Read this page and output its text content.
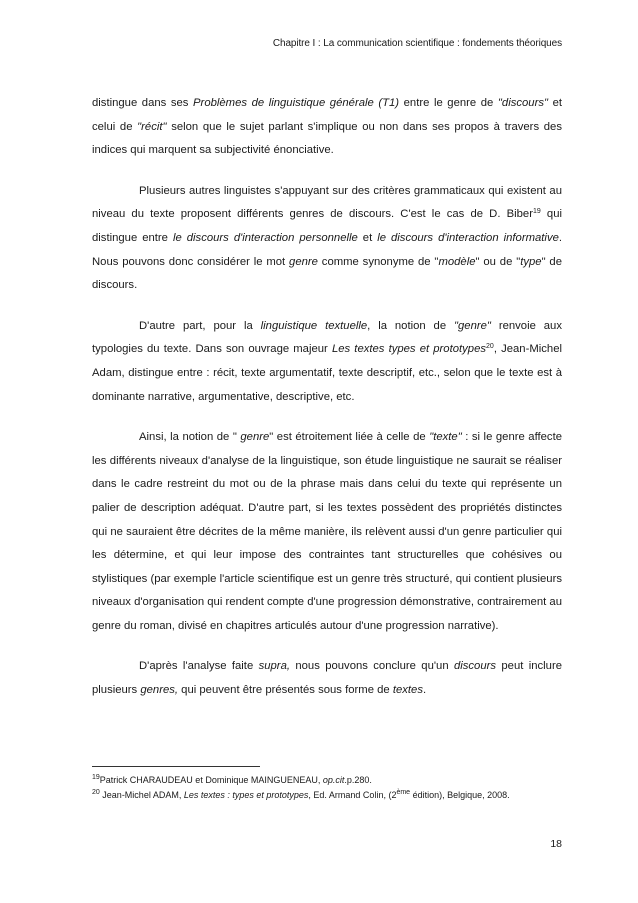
Chapitre I : La communication scientifique : fondements théoriques

distingue dans ses Problèmes de linguistique générale (T1) entre le genre de "discours" et celui de "récit" selon que le sujet parlant s'implique ou non dans ses propos à travers des indices qui marquent sa subjectivité énonciative.

Plusieurs autres linguistes s'appuyant sur des critères grammaticaux qui existent au niveau du texte proposent différents genres de discours. C'est le cas de D. Biber$^{19}$ qui distingue entre le discours d'interaction personnelle et le discours d'interaction informative. Nous pouvons donc considérer le mot genre comme synonyme de "modèle" ou de "type" de discours.

D'autre part, pour la linguistique textuelle, la notion de "genre" renvoie aux typologies du texte. Dans son ouvrage majeur Les textes types et prototypes$^{20}$, Jean-Michel Adam, distingue entre : récit, texte argumentatif, texte descriptif, etc., selon que le texte est à dominante narrative, argumentative, descriptive, etc.

Ainsi, la notion de " genre" est étroitement liée à celle de "texte" : si le genre affecte les différents niveaux d'analyse de la linguistique, son étude linguistique ne saurait se réaliser dans le cadre restreint du mot ou de la phrase mais dans celui du texte qui représente un palier de description adéquat. D'autre part, si les textes possèdent des propriétés distinctes qui ne sauraient être décrites de la même manière, ils relèvent aussi d'un genre particulier qui les détermine, et qui leur impose des contraintes tant structurelles que cohésives ou stylistiques (par exemple l'article scientifique est un genre très structuré, qui contient plusieurs niveaux d'organisation qui rendent compte d'une progression démonstrative, contrairement au genre du roman, divisé en chapitres articulés autour d'une progression narrative).

D'après l'analyse faite supra, nous pouvons conclure qu'un discours peut inclure plusieurs genres, qui peuvent être présentés sous forme de textes.

$^{19}$Patrick CHARAUDEAU et Dominique MAINGUENEAU, op.cit.p.280.

$^{20}$ Jean-Michel ADAM, Les textes : types et prototypes, Ed. Armand Colin, (2ème édition), Belgique, 2008.

18
